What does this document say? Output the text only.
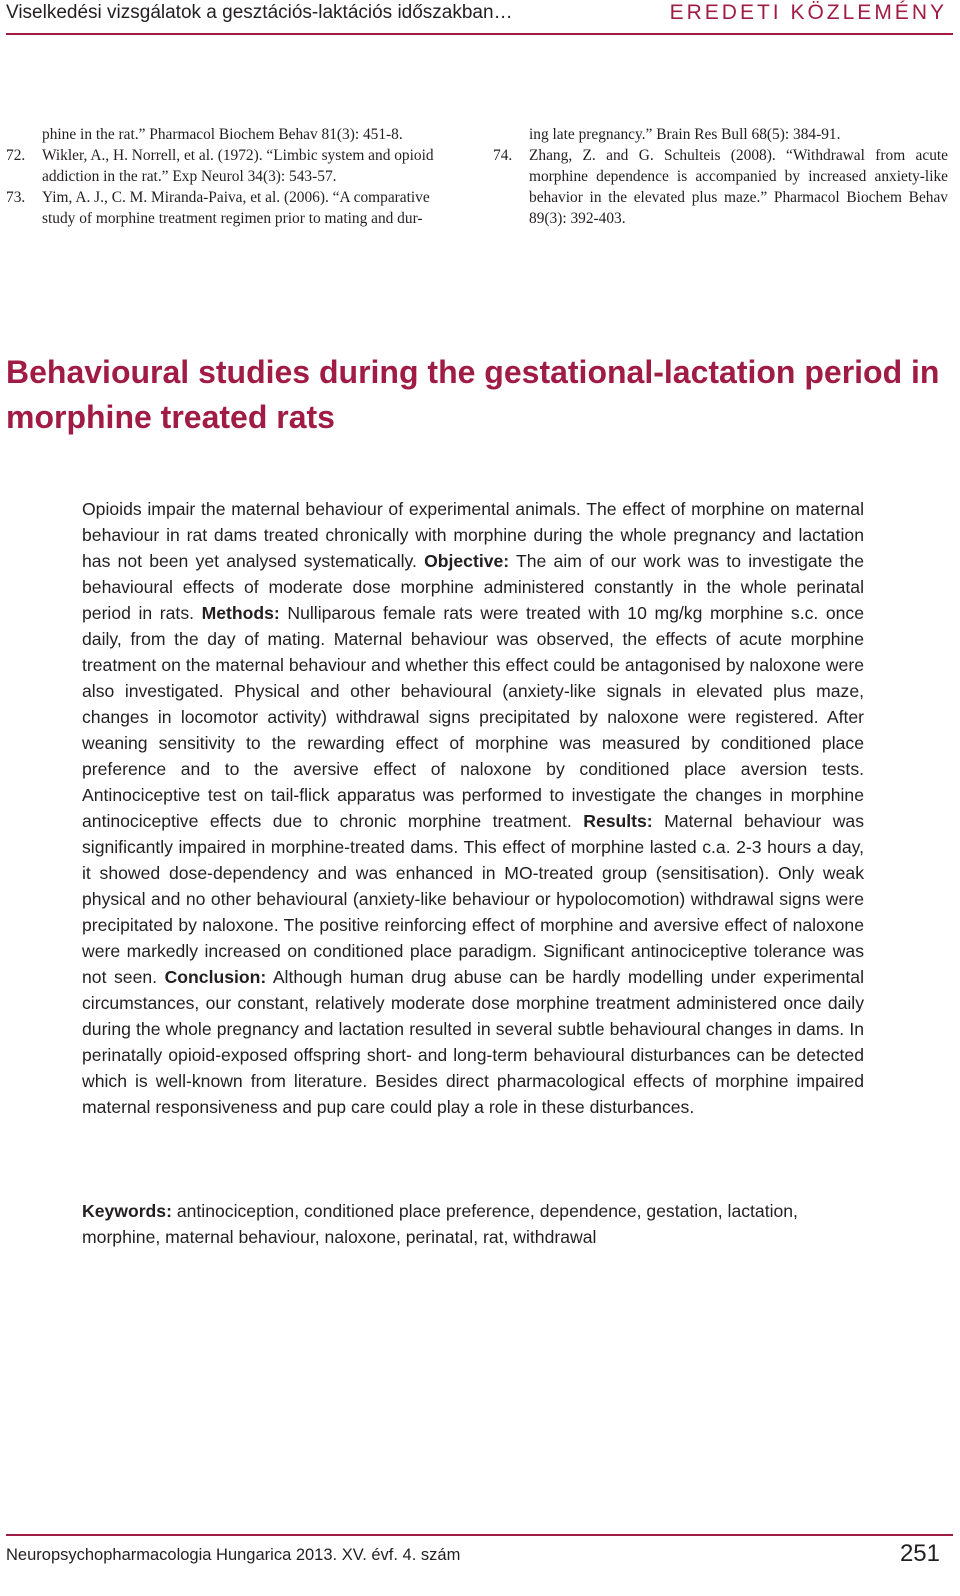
Viselkedési vizsgálatok a gesztációs-laktációs időszakban…	EREDETI KÖZLEMÉNY
phine in the rat.” Pharmacol Biochem Behav 81(3): 451-8.
72.	Wikler, A., H. Norrell, et al. (1972). “Limbic system and opioid addiction in the rat.” Exp Neurol 34(3): 543-57.
73.	Yim, A. J., C. M. Miranda-Paiva, et al. (2006). “A comparative study of morphine treatment regimen prior to mating and dur-
ing late pregnancy.” Brain Res Bull 68(5): 384-91.
74.	Zhang, Z. and G. Schulteis (2008). “Withdrawal from acute morphine dependence is accompanied by increased anxiety-like behavior in the elevated plus maze.” Pharmacol Biochem Behav 89(3): 392-403.
Behavioural studies during the gestational-lactation period in morphine treated rats

Opioids impair the maternal behaviour of experimental animals. The effect of morphine on maternal behaviour in rat dams treated chronically with morphine during the whole pregnancy and lactation has not been yet analysed systematically. Objective: The aim of our work was to investigate the behavioural effects of moderate dose morphine administered constantly in the whole perinatal period in rats. Methods: Nulliparous female rats were treated with 10 mg/kg morphine s.c. once daily, from the day of mating. Maternal behaviour was observed, the effects of acute morphine treatment on the maternal behaviour and whether this effect could be antagonised by naloxone were also investigated. Physical and other behavioural (anxiety-like signals in elevated plus maze, changes in locomotor activity) withdrawal signs precipitated by naloxone were registered. After weaning sensitivity to the rewarding effect of morphine was measured by conditioned place preference and to the aversive effect of naloxone by conditioned place aversion tests. Antinociceptive test on tail-flick apparatus was performed to investigate the changes in morphine antinociceptive effects due to chronic morphine treatment. Results: Maternal behaviour was significantly impaired in morphine-treated dams. This effect of morphine lasted c.a. 2-3 hours a day, it showed dose-dependency and was enhanced in MO-treated group (sensitisation). Only weak physical and no other behavioural (anxiety-like behaviour or hypolocomotion) withdrawal signs were precipitated by naloxone. The positive reinforcing effect of morphine and aversive effect of naloxone were markedly increased on conditioned place paradigm. Significant antinociceptive tolerance was not seen. Conclusion: Although human drug abuse can be hardly modelling under experimental circumstances, our constant, relatively moderate dose morphine treatment administered once daily during the whole pregnancy and lactation resulted in several subtle behavioural changes in dams. In perinatally opioid-exposed offspring short- and long-term behavioural disturbances can be detected which is well-known from literature. Besides direct pharmacological effects of morphine impaired maternal responsiveness and pup care could play a role in these disturbances.

Keywords: antinociception, conditioned place preference, dependence, gestation, lactation, morphine, maternal behaviour, naloxone, perinatal, rat, withdrawal

Neuropsychopharmacologia Hungarica 2013. XV. évf. 4. szám	251
